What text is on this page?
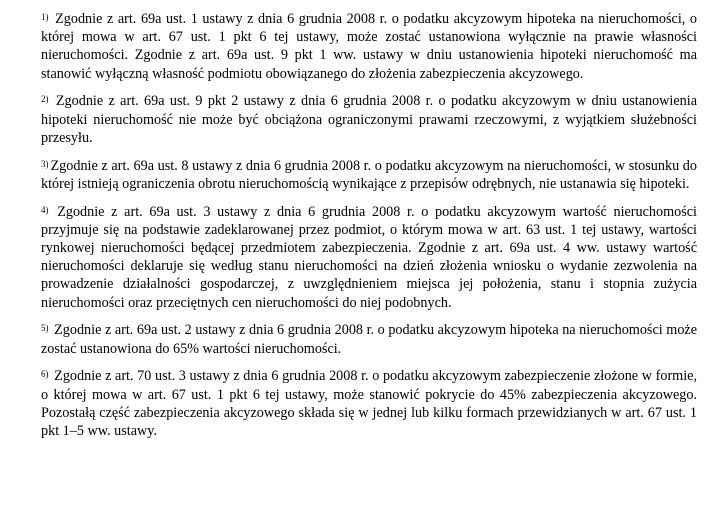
$^{1)}$ Zgodnie z art. 69a ust. 1 ustawy z dnia 6 grudnia 2008 r. o podatku akcyzowym hipoteka na nieruchomości, o której mowa w art. 67 ust. 1 pkt 6 tej ustawy, może zostać ustanowiona wyłącznie na prawie własności nieruchomości. Zgodnie z art. 69a ust. 9 pkt 1 ww. ustawy w dniu ustanowienia hipoteki nieruchomość ma stanowić wyłączną własność podmiotu obowiązanego do złożenia zabezpieczenia akcyzowego.

$^{2)}$ Zgodnie z art. 69a ust. 9 pkt 2 ustawy z dnia 6 grudnia 2008 r. o podatku akcyzowym w dniu ustanowienia hipoteki nieruchomość nie może być obciążona ograniczonymi prawami rzeczowymi, z wyjątkiem służebności przesyłu.

$^{3)}$ Zgodnie z art. 69a ust. 8 ustawy z dnia 6 grudnia 2008 r. o podatku akcyzowym na nieruchomości, w stosunku do której istnieją ograniczenia obrotu nieruchomością wynikające z przepisów odrębnych, nie ustanawia się hipoteki.

$^{4)}$ Zgodnie z art. 69a ust. 3 ustawy z dnia 6 grudnia 2008 r. o podatku akcyzowym wartość nieruchomości przyjmuje się na podstawie zadeklarowanej przez podmiot, o którym mowa w art. 63 ust. 1 tej ustawy, wartości rynkowej nieruchomości będącej przedmiotem zabezpieczenia. Zgodnie z art. 69a ust. 4 ww. ustawy wartość nieruchomości deklaruje się według stanu nieruchomości na dzień złożenia wniosku o wydanie zezwolenia na prowadzenie działalności gospodarczej, z uwzględnieniem miejsca jej położenia, stanu i stopnia zużycia nieruchomości oraz przeciętnych cen nieruchomości do niej podobnych.

$^{5)}$ Zgodnie z art. 69a ust. 2 ustawy z dnia 6 grudnia 2008 r. o podatku akcyzowym hipoteka na nieruchomości może zostać ustanowiona do 65% wartości nieruchomości.

$^{6)}$ Zgodnie z art. 70 ust. 3 ustawy z dnia 6 grudnia 2008 r. o podatku akcyzowym zabezpieczenie złożone w formie, o której mowa w art. 67 ust. 1 pkt 6 tej ustawy, może stanowić pokrycie do 45% zabezpieczenia akcyzowego. Pozostałą część zabezpieczenia akcyzowego składa się w jednej lub kilku formach przewidzianych w art. 67 ust. 1 pkt 1–5 ww. ustawy.
